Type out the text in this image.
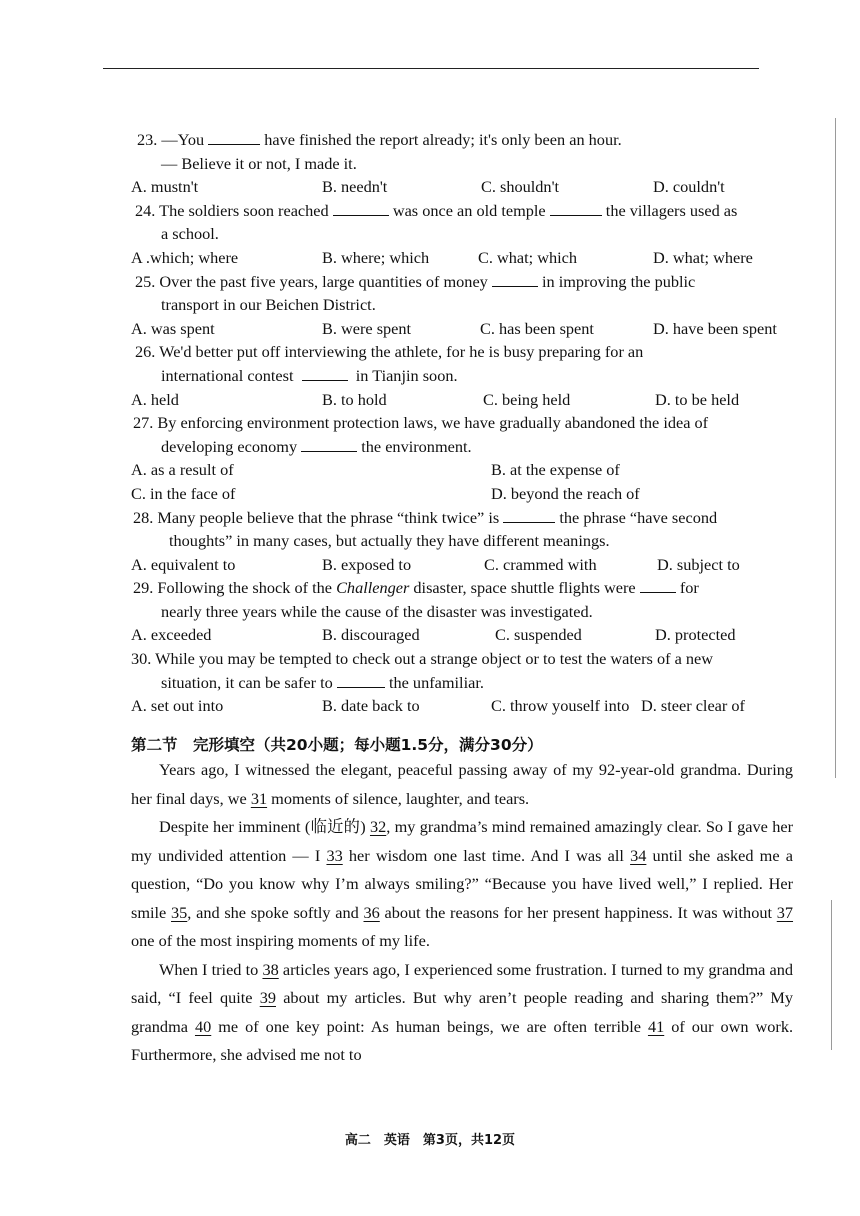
23. —You	have finished the report already; it's only been an hour.
— Believe it or not, I made it.
A. mustn't	B. needn't	C. shouldn't	D. couldn't
24. The soldiers soon reached	was once an old temple	the villagers used as
a school.
A .which; where	B. where; which	C. what; which	D. what; where
25. Over the past five years, large quantities of money	in improving the public
transport in our Beichen District.
A. was spent	B. were spent	C. has been spent	D. have been spent
26. We'd better put off interviewing the athlete, for he is busy preparing for an
international contest	in Tianjin soon.
A. held	B. to hold	C. being held	D. to be held
27. By enforcing environment protection laws, we have gradually abandoned the idea of
developing economy	the environment.
A. as a result of	B. at the expense of
C. in the face of	D. beyond the reach of
28. Many people believe that the phrase “think twice” is	the phrase “have second
thoughts” in many cases, but actually they have different meanings.
A. equivalent to	B. exposed to	C. crammed with	D. subject to
29. Following the shock of the Challenger disaster, space shuttle flights were	for
nearly three years while the cause of the disaster was investigated.
A. exceeded	B. discouraged	C. suspended	D. protected
30. While you may be tempted to check out a strange object or to test the waters of a new
situation, it can be safer to	the unfamiliar.
A. set out into	B. date back to	C. throw youself into D. steer clear of
第二节　完形填空（共20小题；每小题1.5分，满分30分）

Years ago, I witnessed the elegant, peaceful passing away of my 92-year-old grandma. During her final days, we 31 moments of silence, laughter, and tears.

Despite her imminent (临近的) 32, my grandma’s mind remained amazingly clear. So I gave her my undivided attention — I 33 her wisdom one last time. And I was all 34 until she asked me a question, “Do you know why I’m always smiling?” “Because you have lived well,” I replied. Her smile 35, and she spoke softly and 36 about the reasons for her present happiness. It was without 37 one of the most inspiring moments of my life.

When I tried to 38 articles years ago, I experienced some frustration. I turned to my grandma and said, “I feel quite 39 about my articles. But why aren’t people reading and sharing them?” My grandma 40 me of one key point: As human beings, we are often terrible 41 of our own work. Furthermore, she advised me not to

高二　英语　第3页，共12页
